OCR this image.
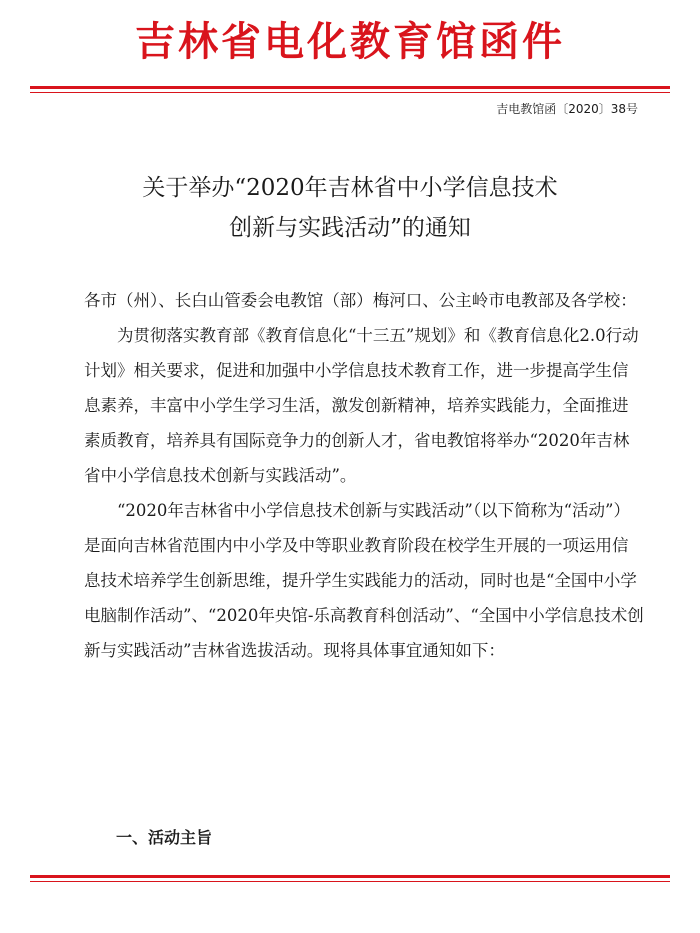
吉林省电化教育馆函件
吉电教馆函〔2020〕38号
关于举办“2020年吉林省中小学信息技术
创新与实践活动”的通知

各市（州）、长白山管委会电教馆（部）梅河口、公主岭市电教部及各学校：

为贯彻落实教育部《教育信息化“十三五”规划》和《教育信息化2.0行动计划》相关要求，促进和加强中小学信息技术教育工作，进一步提高学生信息素养，丰富中小学生学习生活，激发创新精神，培养实践能力，全面推进素质教育，培养具有国际竞争力的创新人才，省电教馆将举办“2020年吉林省中小学信息技术创新与实践活动”。

“2020年吉林省中小学信息技术创新与实践活动”（以下简称为“活动”）是面向吉林省范围内中小学及中等职业教育阶段在校学生开展的一项运用信息技术培养学生创新思维，提升学生实践能力的活动，同时也是“全国中小学电脑制作活动”、“2020年央馆-乐高教育科创活动”、“全国中小学信息技术创新与实践活动”吉林省选拔活动。现将具体事宜通知如下：

一、活动主旨
